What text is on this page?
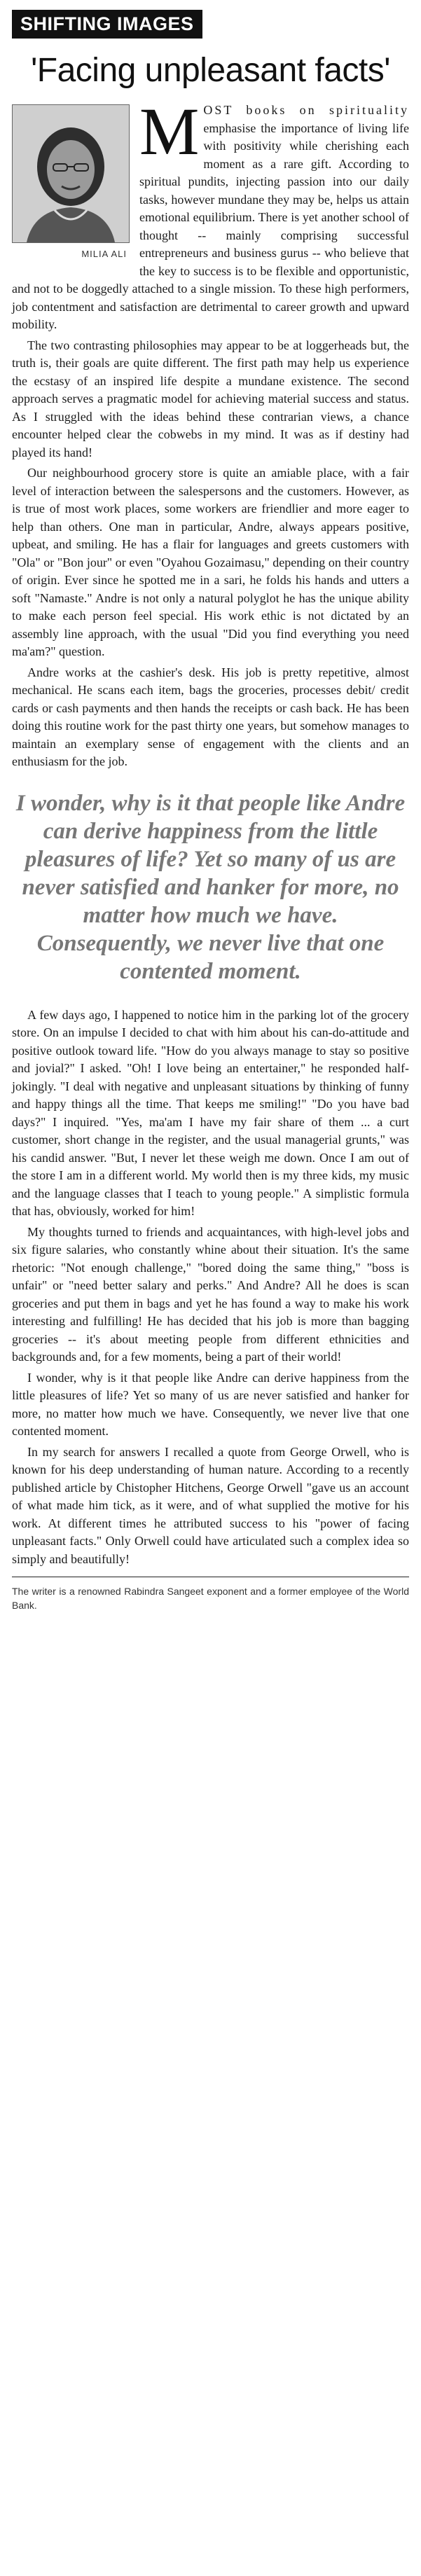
SHIFTING IMAGES
'Facing unpleasant facts'
MILIA ALI

MOST books on spirituality emphasise the importance of living life with positivity while cherishing each moment as a rare gift. According to spiritual pundits, injecting passion into our daily tasks, however mundane they may be, helps us attain emotional equilibrium. There is yet another school of thought -- mainly comprising successful entrepreneurs and business gurus -- who believe that the key to success is to be flexible and opportunistic, and not to be doggedly attached to a single mission. To these high performers, job contentment and satisfaction are detrimental to career growth and upward mobility.

The two contrasting philosophies may appear to be at loggerheads but, the truth is, their goals are quite different. The first path may help us experience the ecstasy of an inspired life despite a mundane existence. The second approach serves a pragmatic model for achieving material success and status. As I struggled with the ideas behind these contrarian views, a chance encounter helped clear the cobwebs in my mind. It was as if destiny had played its hand!

Our neighbourhood grocery store is quite an amiable place, with a fair level of interaction between the salespersons and the customers. However, as is true of most work places, some workers are friendlier and more eager to help than others. One man in particular, Andre, always appears positive, upbeat, and smiling. He has a flair for languages and greets customers with "Ola" or "Bon jour" or even "Oyahou Gozaimasu," depending on their country of origin. Ever since he spotted me in a sari, he folds his hands and utters a soft "Namaste." Andre is not only a natural polyglot he has the unique ability to make each person feel special. His work ethic is not dictated by an assembly line approach, with the usual "Did you find everything you need ma'am?" question.

Andre works at the cashier's desk. His job is pretty repetitive, almost mechanical. He scans each item, bags the groceries, processes debit/ credit cards or cash payments and then hands the receipts or cash back. He has been doing this routine work for the past thirty one years, but somehow manages to maintain an exemplary sense of engagement with the clients and an enthusiasm for the job.

I wonder, why is it that people like Andre can derive happiness from the little pleasures of life? Yet so many of us are never satisfied and hanker for more, no matter how much we have. Consequently, we never live that one contented moment.

A few days ago, I happened to notice him in the parking lot of the grocery store. On an impulse I decided to chat with him about his can-do-attitude and positive outlook toward life. "How do you always manage to stay so positive and jovial?" I asked. "Oh! I love being an entertainer," he responded half-jokingly. "I deal with negative and unpleasant situations by thinking of funny and happy things all the time. That keeps me smiling!" "Do you have bad days?" I inquired. "Yes, ma'am I have my fair share of them ... a curt customer, short change in the register, and the usual managerial grunts," was his candid answer. "But, I never let these weigh me down. Once I am out of the store I am in a different world. My world then is my three kids, my music and the language classes that I teach to young people." A simplistic formula that has, obviously, worked for him!

My thoughts turned to friends and acquaintances, with high-level jobs and six figure salaries, who constantly whine about their situation. It's the same rhetoric: "Not enough challenge," "bored doing the same thing," "boss is unfair" or "need better salary and perks." And Andre? All he does is scan groceries and put them in bags and yet he has found a way to make his work interesting and fulfilling! He has decided that his job is more than bagging groceries -- it's about meeting people from different ethnicities and backgrounds and, for a few moments, being a part of their world!

I wonder, why is it that people like Andre can derive happiness from the little pleasures of life? Yet so many of us are never satisfied and hanker for more, no matter how much we have. Consequently, we never live that one contented moment.

In my search for answers I recalled a quote from George Orwell, who is known for his deep understanding of human nature. According to a recently published article by Chistopher Hitchens, George Orwell "gave us an account of what made him tick, as it were, and of what supplied the motive for his work. At different times he attributed success to his "power of facing unpleasant facts." Only Orwell could have articulated such a complex idea so simply and beautifully!

The writer is a renowned Rabindra Sangeet exponent and a former employee of the World Bank.
